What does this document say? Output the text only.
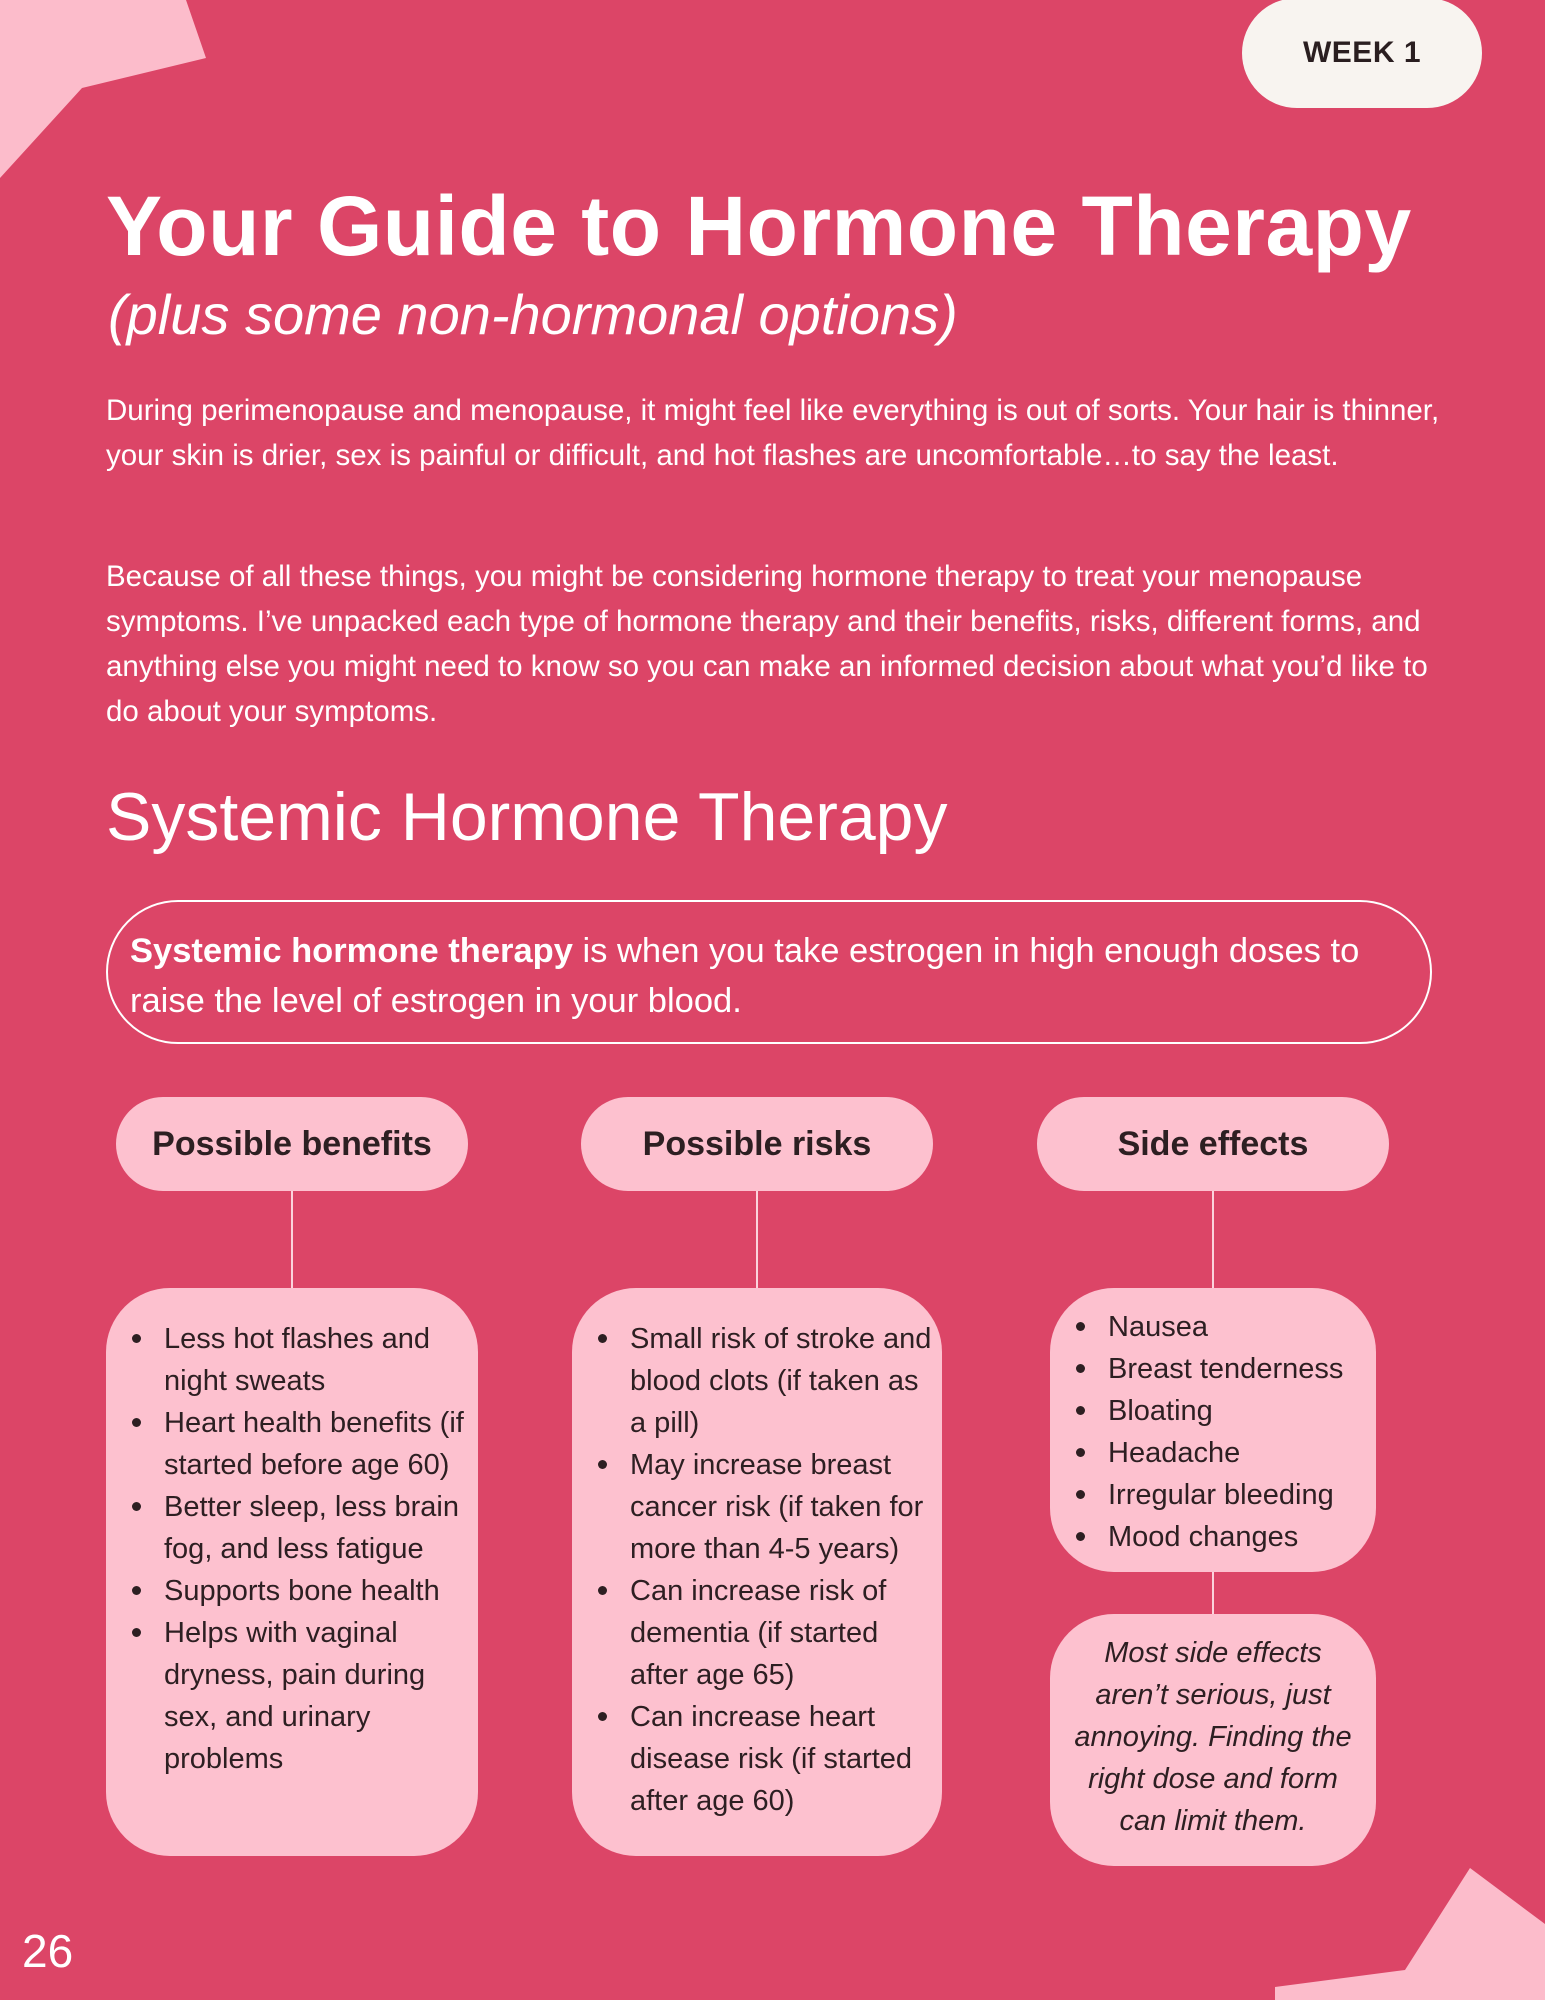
WEEK 1
Your Guide to Hormone Therapy
(plus some non-hormonal options)

During perimenopause and menopause, it might feel like everything is out of sorts. Your hair is thinner, your skin is drier, sex is painful or difficult, and hot flashes are uncomfortable…to say the least.

Because of all these things, you might be considering hormone therapy to treat your menopause symptoms. I’ve unpacked each type of hormone therapy and their benefits, risks, different forms, and anything else you might need to know so you can make an informed decision about what you’d like to do about your symptoms.

Systemic Hormone Therapy
Systemic hormone therapy is when you take estrogen in high enough doses to raise the level of estrogen in your blood.
Possible benefits
Less hot flashes and night sweats
Heart health benefits (if started before age 60)
Better sleep, less brain fog, and less fatigue
Supports bone health
Helps with vaginal dryness, pain during sex, and urinary problems
Possible risks
Small risk of stroke and blood clots (if taken as a pill)
May increase breast cancer risk (if taken for more than 4-5 years)
Can increase risk of dementia (if started after age 65)
Can increase heart disease risk (if started after age 60)
Side effects
Nausea
Breast tenderness
Bloating
Headache
Irregular bleeding
Mood changes
Most side effects aren’t serious, just annoying. Finding the right dose and form can limit them.
26
